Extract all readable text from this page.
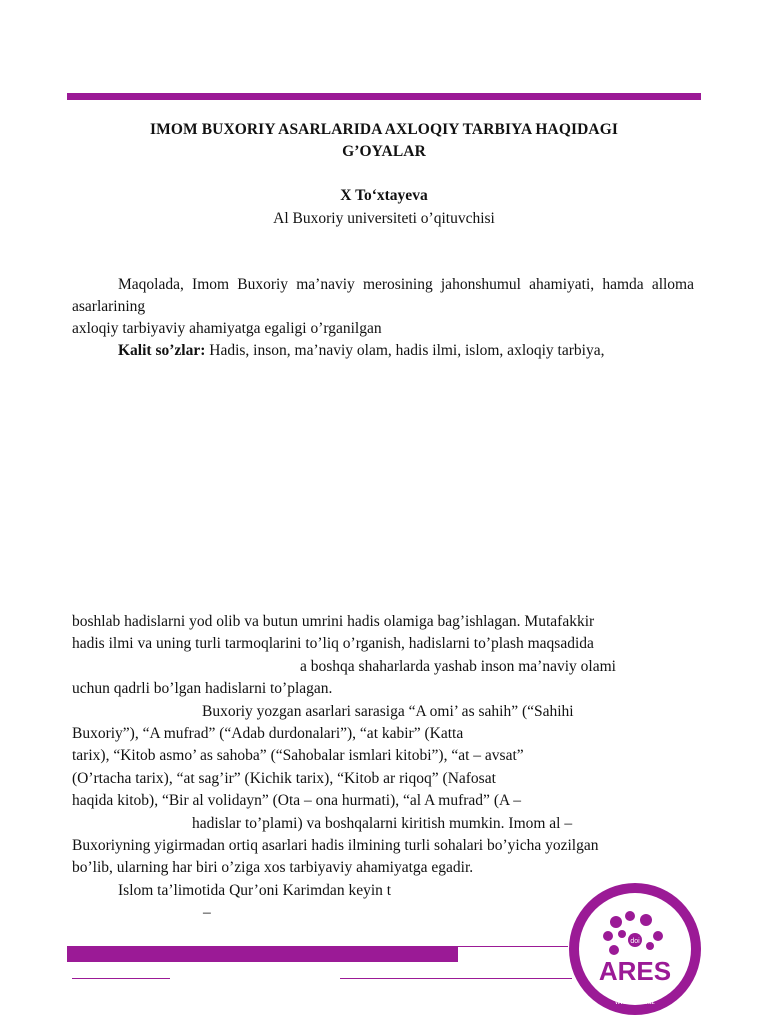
IMOM BUXORIY ASARLARIDA AXLOQIY TARBIYA HAQIDAGI
G’OYALAR
X To‘xtayeva
Al Buxoriy universiteti o’qituvchisi

Maqolada, Imom Buxoriy ma’naviy merosining jahonshumul ahamiyati, hamda alloma asarlarining

axloqiy tarbiyaviy ahamiyatga egaligi o’rganilgan

Kalit so’zlar: Hadis, inson, ma’naviy olam, hadis ilmi, islom, axloqiy tarbiya,

boshlab hadislarni yod olib va butun umrini hadis olamiga bag’ishlagan. Mutafakkir

hadis ilmi va uning turli tarmoqlarini to’liq o’rganish, hadislarni to’plash maqsadida

a boshqa shaharlarda yashab inson ma’naviy olami

uchun qadrli bo’lgan hadislarni to’plagan.

Buxoriy yozgan asarlari sarasiga “A omi’ as sahih” (“Sahihi

Buxoriy”), “A mufrad” (“Adab durdonalari”), “at kabir” (Katta

tarix), “Kitob asmo’ as sahoba” (“Sahobalar ismlari kitobi”), “at – avsat”

(O’rtacha tarix), “at sag’ir” (Kichik tarix), “Kitob ar riqoq” (Nafosat

haqida kitob), “Bir al volidayn” (Ota – ona hurmati), “al A mufrad” (A –

hadislar to’plami) va boshqalarni kiritish mumkin. Imom al –

Buxoriyning yigirmadan ortiq asarlari hadis ilmining turli sohalari bo’yicha yozilgan

bo’lib, ularning har biri o’ziga xos tarbiyaviy ahamiyatga egadir.

Islom ta’limotida Qur’oni Karimdan keyin t

–

ACADEMIC RESEARCH IN EDUCATION
doi
ARES
www.ares.uz
